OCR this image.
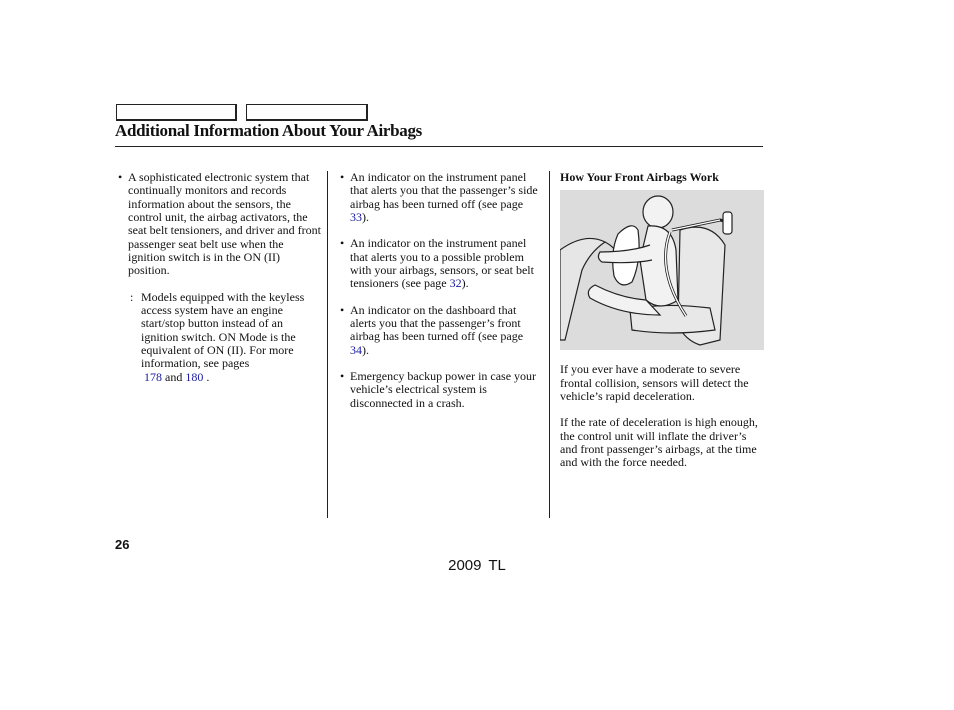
Additional Information About Your Airbags
• A sophisticated electronic system that continually monitors and records information about the sensors, the control unit, the airbag activators, the seat belt tensioners, and driver and front passenger seat belt use when the ignition switch is in the ON (II) position.
: Models equipped with the keyless access system have an engine start/stop button instead of an ignition switch. ON Mode is the equivalent of ON (II). For more information, see pages
178 and 180 .
• An indicator on the instrument panel that alerts you that the passenger’s side airbag has been turned off (see page 33).
• An indicator on the instrument panel that alerts you to a possible problem with your airbags, sensors, or seat belt tensioners (see page 32).
• An indicator on the dashboard that alerts you that the passenger’s front airbag has been turned off (see page 34).
• Emergency backup power in case your vehicle’s electrical system is disconnected in a crash.
How Your Front Airbags Work
If you ever have a moderate to severe frontal collision, sensors will detect the vehicle’s rapid deceleration.
If the rate of deceleration is high enough, the control unit will inflate the driver’s and front passenger’s airbags, at the time and with the force needed.
26
2009 TL
